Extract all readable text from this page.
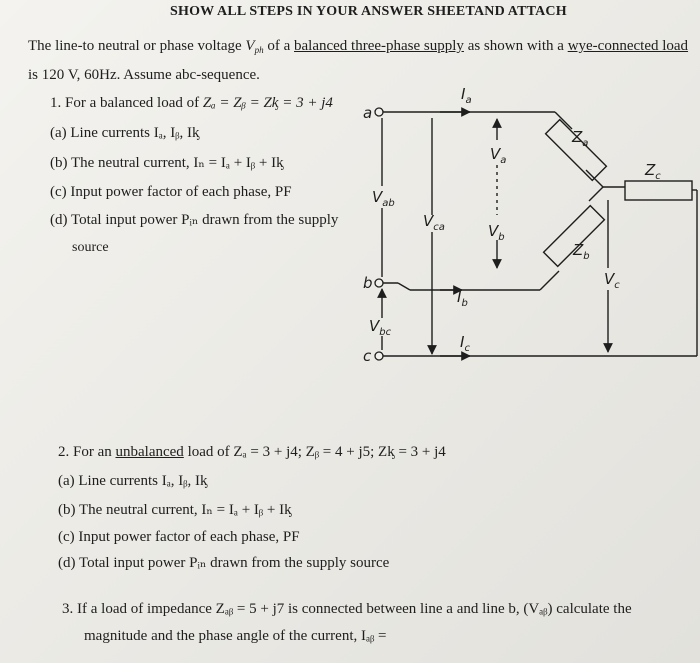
SHOW ALL STEPS IN YOUR ANSWER SHEETAND ATTACH
The line-to neutral or phase voltage $V_{ph}$ of a balanced three-phase supply as shown with a wye-connected load
is 120 V, 60Hz. Assume abc-sequence.
1. For a balanced load of Zₐ = Zᵦ = Zᶄ = 3 + j4
(a) Line currents Iₐ, Iᵦ, Iᶄ
(b) The neutral current, Iₙ = Iₐ + Iᵦ + Iᶄ
(c) Input power factor of each phase, PF
(d) Total input power Pᵢₙ drawn from the supply
source
a
b
c
$I_a$
$I_b$
$I_c$
$V_{ab}$
$V_{bc}$
$V_{ca}$
$V_a$
$V_b$
$V_c$
$Z_a$
$Z_b$
$Z_c$
2. For an unbalanced load of Zₐ = 3 + j4; Zᵦ = 4 + j5; Zᶄ = 3 + j4
(a) Line currents Iₐ, Iᵦ, Iᶄ
(b) The neutral current, Iₙ = Iₐ + Iᵦ + Iᶄ
(c) Input power factor of each phase, PF
(d) Total input power Pᵢₙ drawn from the supply source
3. If a load of impedance Zₐᵦ = 5 + j7 is connected between line a and line b, (Vₐᵦ) calculate the
magnitude and the phase angle of the current, Iₐᵦ =
